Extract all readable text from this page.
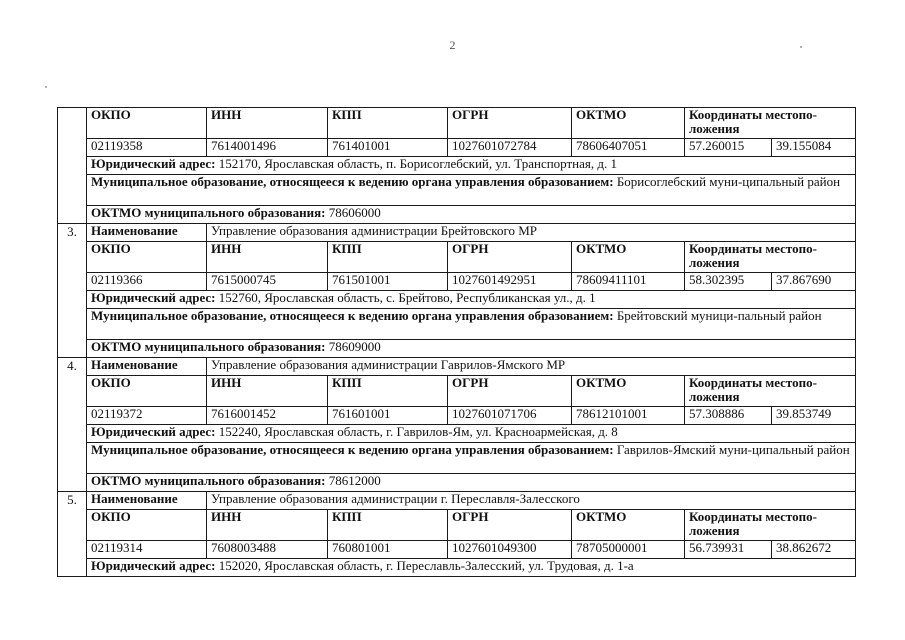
2
	ОКПО	ИНН	КПП	ОГРН	ОКТМО	Координаты местопо-ложения	
	02119358	7614001496	761401001	1027601072784	78606407051	57.260015	39.155084
	Юридический адрес: 152170, Ярославская область, п. Борисоглебский, ул. Транспортная, д. 1						
	Муниципальное образование, относящееся к ведению органа управления образованием: Борисоглебский муни-ципальный район						
	ОКТМО муниципального образования: 78606000						
3.	Наименование	Управление образования администрации Брейтовского МР					
	ОКПО	ИНН	КПП	ОГРН	ОКТМО	Координаты местопо-ложения	
	02119366	7615000745	761501001	1027601492951	78609411101	58.302395	37.867690
	Юридический адрес: 152760, Ярославская область, с. Брейтово, Республиканская ул., д. 1						
	Муниципальное образование, относящееся к ведению органа управления образованием: Брейтовский муници-пальный район						
	ОКТМО муниципального образования: 78609000						
4.	Наименование	Управление образования администрации Гаврилов-Ямского МР					
	ОКПО	ИНН	КПП	ОГРН	ОКТМО	Координаты местопо-ложения	
	02119372	7616001452	761601001	1027601071706	78612101001	57.308886	39.853749
	Юридический адрес: 152240, Ярославская область, г. Гаврилов-Ям, ул. Красноармейская, д. 8						
	Муниципальное образование, относящееся к ведению органа управления образованием: Гаврилов-Ямский муни-ципальный район						
	ОКТМО муниципального образования: 78612000						
5.	Наименование	Управление образования администрации г. Переславля-Залесского					
	ОКПО	ИНН	КПП	ОГРН	ОКТМО	Координаты местопо-ложения	
	02119314	7608003488	760801001	1027601049300	78705000001	56.739931	38.862672
	Юридический адрес: 152020, Ярославская область, г. Переславль-Залесский, ул. Трудовая, д. 1-а						
